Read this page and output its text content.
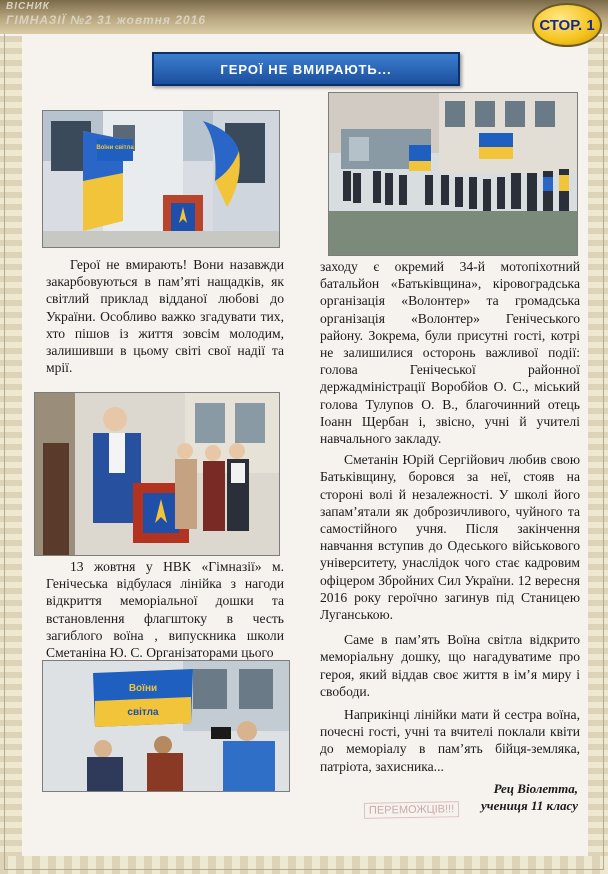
ВІСНИК
ГІМНАЗІЇ №2 31 жовтня 2016	СТОР. 1
ГЕРОЇ НЕ ВМИРАЮТЬ...
Воїни світла
Воїни
світла

Герої не вмирають! Вони назавжди закарбовуються в пам’яті нащадків, як світлий приклад відданої любові до України. Особливо важко згадувати тих, хто пішов із життя зовсім молодим, залишивши в цьому світі свої надії та мрії.

13 жовтня у НВК «Гімназії» м. Генічеська відбулася лінійка з нагоди відкриття меморіальної дошки та встановлення флагштоку в честь загиблого воїна , випускника школи Сметаніна Ю. С. Організаторами цього

заходу є окремий 34-й мотопіхотний батальйон «Батьківщина», кіровоградська організація «Волонтер» та громадська організація «Волонтер» Генічеського району. Зокрема, були присутні гості, котрі не залишилися осторонь важливої події: голова Генічеської районної держадміністрації Воробйов О. С., міський голова Тулупов О. В., благочинний отець Іоанн Щербан і, звісно, учні й учителі навчального закладу.

Сметанін Юрій Сергійович любив свою Батьківщину, боровся за неї, стояв на стороні волі й незалежності. У школі його запам’ятали як доброзичливого, чуйного та самостійного учня. Після закінчення навчання вступив до Одеського військового університету, унаслідок чого стає кадровим офіцером Збройних Сил України. 12 вересня 2016 року героїчно загинув під Станицею Луганською.

Саме в пам’ять Воїна світла відкрито меморіальну дошку, що нагадуватиме про героя, який віддав своє життя в ім’я миру і свободи.

Наприкінці лінійки мати й сестра воїна, почесні гості, учні та вчителі поклали квіти до меморіалу в пам’ять бійця-земляка, патріота, захисника...

ПЕРЕМОЖЦІВ!!!
Рец Віолетта,
учениця 11 класу
